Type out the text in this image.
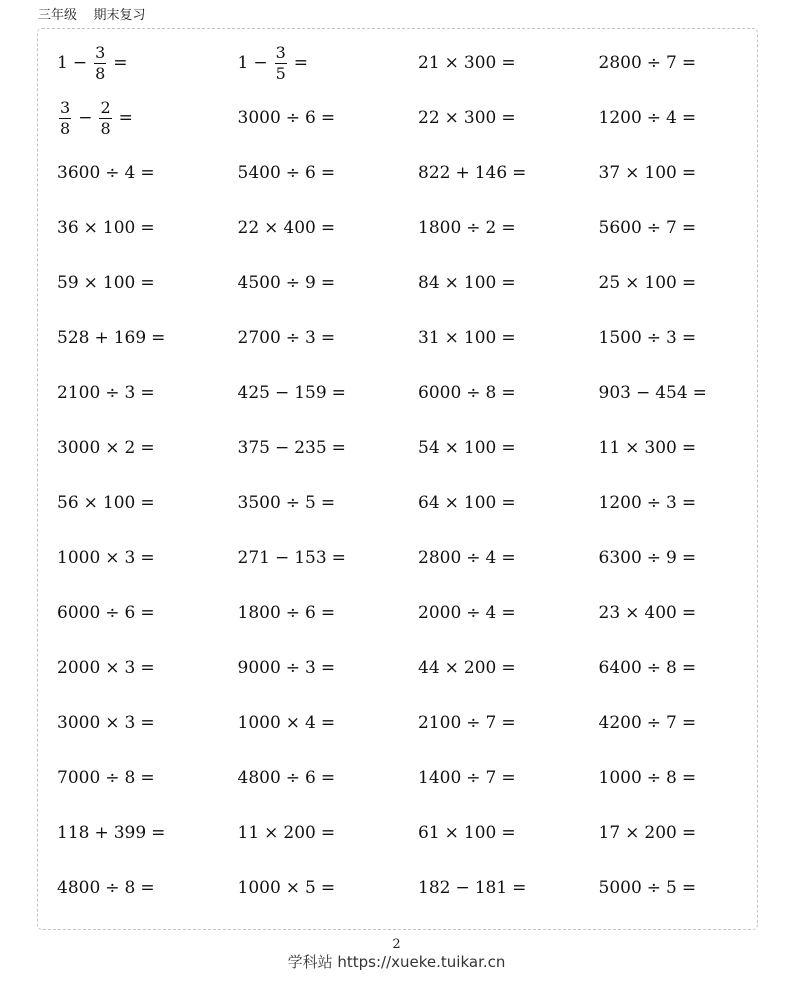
三年级    期末复习
$1 - \frac{3}{8}$ =	$1 - \frac{3}{5}$ =	21 × 300 =	2800 ÷ 7 =
$\frac{3}{8} - \frac{2}{8}$ =	3000 ÷ 6 =	22 × 300 =	1200 ÷ 4 =
3600 ÷ 4 =	5400 ÷ 6 =	822 + 146 =	37 × 100 =
36 × 100 =	22 × 400 =	1800 ÷ 2 =	5600 ÷ 7 =
59 × 100 =	4500 ÷ 9 =	84 × 100 =	25 × 100 =
528 + 169 =	2700 ÷ 3 =	31 × 100 =	1500 ÷ 3 =
2100 ÷ 3 =	425 − 159 =	6000 ÷ 8 =	903 − 454 =
3000 × 2 =	375 − 235 =	54 × 100 =	11 × 300 =
56 × 100 =	3500 ÷ 5 =	64 × 100 =	1200 ÷ 3 =
1000 × 3 =	271 − 153 =	2800 ÷ 4 =	6300 ÷ 9 =
6000 ÷ 6 =	1800 ÷ 6 =	2000 ÷ 4 =	23 × 400 =
2000 × 3 =	9000 ÷ 3 =	44 × 200 =	6400 ÷ 8 =
3000 × 3 =	1000 × 4 =	2100 ÷ 7 =	4200 ÷ 7 =
7000 ÷ 8 =	4800 ÷ 6 =	1400 ÷ 7 =	1000 ÷ 8 =
118 + 399 =	11 × 200 =	61 × 100 =	17 × 200 =
4800 ÷ 8 =	1000 × 5 =	182 − 181 =	5000 ÷ 5 =
2
学科站 https://xueke.tuikar.cn
